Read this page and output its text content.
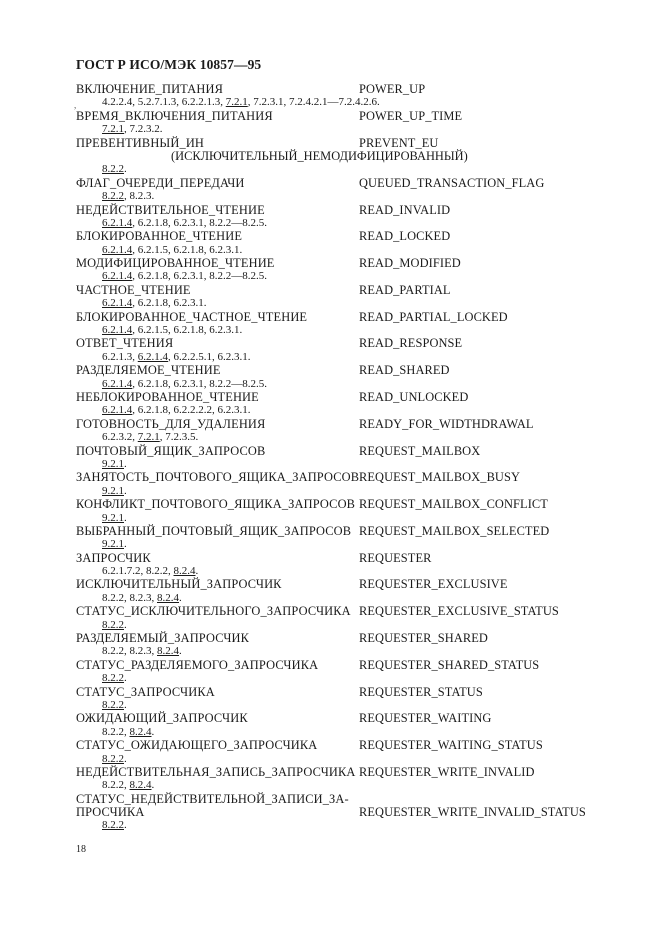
ГОСТ Р ИСО/МЭК 10857—95
,
ВКЛЮЧЕНИЕ_ПИТАНИЯ	POWER_UP
4.2.2.4, 5.2.7.1.3, 6.2.2.1.3, 7.2.1, 7.2.3.1, 7.2.4.2.1—7.2.4.2.6.
ВРЕМЯ_ВКЛЮЧЕНИЯ_ПИТАНИЯ	POWER_UP_TIME
7.2.1, 7.2.3.2.
ПРЕВЕНТИВНЫЙ_ИН	PREVENT_EU
(ИСКЛЮЧИТЕЛЬНЫЙ_НЕМОДИФИЦИРОВАННЫЙ)
8.2.2.
ФЛАГ_ОЧЕРЕДИ_ПЕРЕДАЧИ	QUEUED_TRANSACTION_FLAG
8.2.2, 8.2.3.
НЕДЕЙСТВИТЕЛЬНОЕ_ЧТЕНИЕ	READ_INVALID
6.2.1.4, 6.2.1.8, 6.2.3.1, 8.2.2—8.2.5.
БЛОКИРОВАННОЕ_ЧТЕНИЕ	READ_LOCKED
6.2.1.4, 6.2.1.5, 6.2.1.8, 6.2.3.1.
МОДИФИЦИРОВАННОЕ_ЧТЕНИЕ	READ_MODIFIED
6.2.1.4, 6.2.1.8, 6.2.3.1, 8.2.2—8.2.5.
ЧАСТНОЕ_ЧТЕНИЕ	READ_PARTIAL
6.2.1.4, 6.2.1.8, 6.2.3.1.
БЛОКИРОВАННОЕ_ЧАСТНОЕ_ЧТЕНИЕ	READ_PARTIAL_LOCKED
6.2.1.4, 6.2.1.5, 6.2.1.8, 6.2.3.1.
ОТВЕТ_ЧТЕНИЯ	READ_RESPONSE
6.2.1.3, 6.2.1.4, 6.2.2.5.1, 6.2.3.1.
РАЗДЕЛЯЕМОЕ_ЧТЕНИЕ	READ_SHARED
6.2.1.4, 6.2.1.8, 6.2.3.1, 8.2.2—8.2.5.
НЕБЛОКИРОВАННОЕ_ЧТЕНИЕ	READ_UNLOCKED
6.2.1.4, 6.2.1.8, 6.2.2.2.2, 6.2.3.1.
ГОТОВНОСТЬ_ДЛЯ_УДАЛЕНИЯ	READY_FOR_WIDTHDRAWAL
6.2.3.2, 7.2.1, 7.2.3.5.
ПОЧТОВЫЙ_ЯЩИК_ЗАПРОСОВ	REQUEST_MAILBOX
9.2.1.
ЗАНЯТОСТЬ_ПОЧТОВОГО_ЯЩИКА_ЗАПРОСОВ REQUEST_MAILBOX_BUSY
9.2.1.
КОНФЛИКТ_ПОЧТОВОГО_ЯЩИКА_ЗАПРОСОВ REQUEST_MAILBOX_CONFLICT
9.2.1.
ВЫБРАННЫЙ_ПОЧТОВЫЙ_ЯЩИК_ЗАПРОСОВ REQUEST_MAILBOX_SELECTED
9.2.1.
ЗАПРОСЧИК	REQUESTER
6.2.1.7.2, 8.2.2, 8.2.4.
ИСКЛЮЧИТЕЛЬНЫЙ_ЗАПРОСЧИК	REQUESTER_EXCLUSIVE
8.2.2, 8.2.3, 8.2.4.
СТАТУС_ИСКЛЮЧИТЕЛЬНОГО_ЗАПРОСЧИКА REQUESTER_EXCLUSIVE_STATUS
8.2.2.
РАЗДЕЛЯЕМЫЙ_ЗАПРОСЧИК	REQUESTER_SHARED
8.2.2, 8.2.3, 8.2.4.
СТАТУС_РАЗДЕЛЯЕМОГО_ЗАПРОСЧИКА	REQUESTER_SHARED_STATUS
8.2.2.
СТАТУС_ЗАПРОСЧИКА	REQUESTER_STATUS
8.2.2.
ОЖИДАЮЩИЙ_ЗАПРОСЧИК	REQUESTER_WAITING
8.2.2, 8.2.4.
СТАТУС_ОЖИДАЮЩЕГО_ЗАПРОСЧИКА	REQUESTER_WAITING_STATUS
8.2.2.
НЕДЕЙСТВИТЕЛЬНАЯ_ЗАПИСЬ_ЗАПРОСЧИКА REQUESTER_WRITE_INVALID
8.2.2, 8.2.4.
СТАТУС_НЕДЕЙСТВИТЕЛЬНОЙ_ЗАПИСИ_ЗА-
ПРОСЧИКА	REQUESTER_WRITE_INVALID_STATUS
8.2.2.
18
